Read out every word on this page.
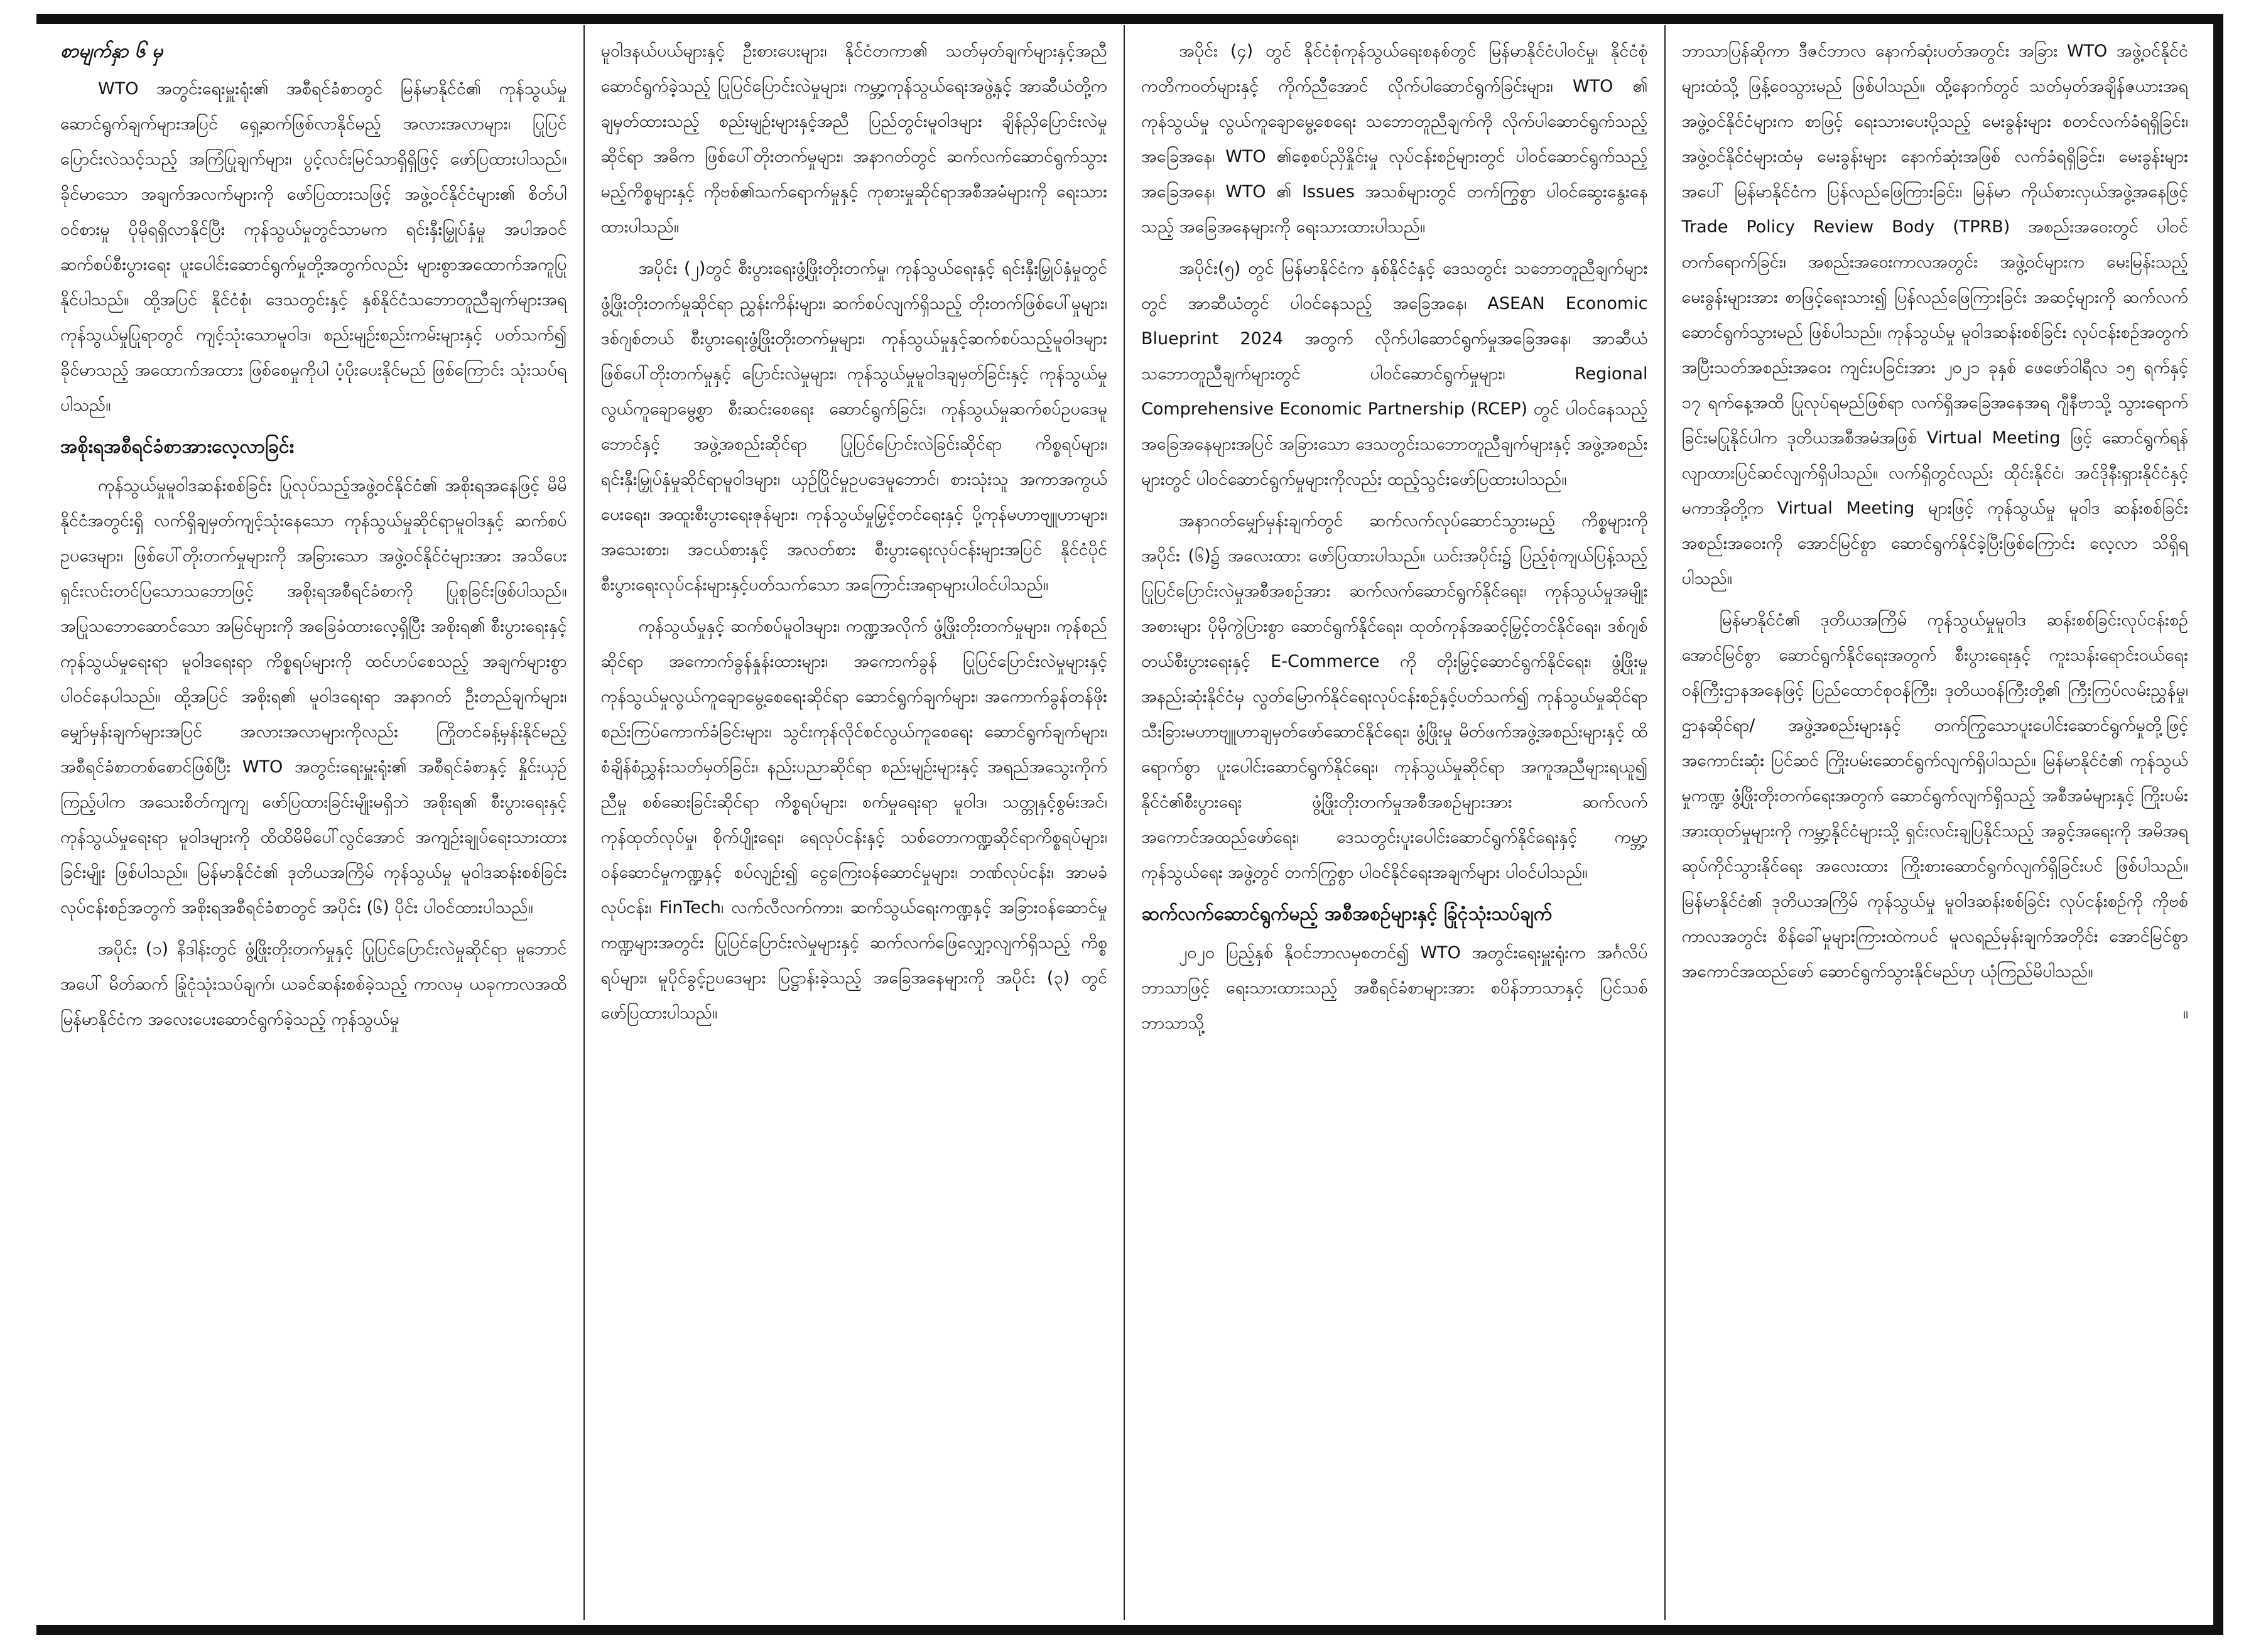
စာမျက်နှာ ၆ မှ

WTO အတွင်းရေးမှူးရုံး၏ အစီရင်ခံစာတွင် မြန်မာနိုင်ငံ၏ ကုန်သွယ်မှုဆောင်ရွက်ချက်များအပြင် ရှေ့ဆက်ဖြစ်လာနိုင်မည့် အလားအလာများ၊ ပြုပြင်ပြောင်းလဲသင့်သည့် အကြံပြုချက်များ၊ ပွင့်လင်းမြင်သာရှိရှိဖြင့် ဖော်ပြထားပါသည်။ ခိုင်မာသော အချက်အလက်များကို ဖော်ပြထားသဖြင့် အဖွဲ့ဝင်နိုင်ငံများ၏ စိတ်ပါဝင်စားမှု ပိုမိုရရှိလာနိုင်ပြီး ကုန်သွယ်မှုတွင်သာမက ရင်းနှီးမြှုပ်နှံမှု အပါအဝင် ဆက်စပ်စီးပွားရေး ပူးပေါင်းဆောင်ရွက်မှုတို့အတွက်လည်း များစွာအထောက်အကူပြုနိုင်ပါသည်။ ထို့အပြင် နိုင်ငံစုံ၊ ဒေသတွင်းနှင့် နှစ်နိုင်ငံသဘောတူညီချက်များအရ ကုန်သွယ်မှုပြုရာတွင် ကျင့်သုံးသောမူဝါဒ၊ စည်းမျဉ်းစည်းကမ်းများနှင့် ပတ်သက်၍ ခိုင်မာသည့် အထောက်အထား ဖြစ်စေမှုကိုပါ ပံ့ပိုးပေးနိုင်မည် ဖြစ်ကြောင်း သုံးသပ်ရပါသည်။

အစိုးရအစီရင်ခံစာအားလေ့လာခြင်း

ကုန်သွယ်မှုမူဝါဒဆန်းစစ်ခြင်း ပြုလုပ်သည့်အဖွဲ့ဝင်နိုင်ငံ၏ အစိုးရအနေဖြင့် မိမိနိုင်ငံအတွင်းရှိ လက်ရှိချမှတ်ကျင့်သုံးနေသော ကုန်သွယ်မှုဆိုင်ရာမူဝါဒနှင့် ဆက်စပ်ဥပဒေများ၊ ဖြစ်ပေါ်တိုးတက်မှုများကို အခြားသော အဖွဲ့ဝင်နိုင်ငံများအား အသိပေးရှင်းလင်းတင်ပြသောသဘောဖြင့် အစိုးရအစီရင်ခံစာကို ပြုစုခြင်းဖြစ်ပါသည်။ အပြုသဘောဆောင်သော အမြင်များကို အခြေခံထားလေ့ရှိပြီး အစိုးရ၏ စီးပွားရေးနှင့် ကုန်သွယ်မှုရေးရာ မူဝါဒရေးရာ ကိစ္စရပ်များကို ထင်ဟပ်စေသည့် အချက်များစွာ ပါဝင်နေပါသည်။ ထို့အပြင် အစိုးရ၏ မူဝါဒရေးရာ အနာဂတ် ဦးတည်ချက်များ၊ မျှော်မှန်းချက်များအပြင် အလားအလာများကိုလည်း ကြိုတင်ခန့်မှန်းနိုင်မည့် အစီရင်ခံစာတစ်စောင်ဖြစ်ပြီး WTO အတွင်းရေးမှူးရုံး၏ အစီရင်ခံစာနှင့် နှိုင်းယှဉ်ကြည့်ပါက အသေးစိတ်ကျကျ ဖော်ပြထားခြင်းမျိုးမရှိဘဲ အစိုးရ၏ စီးပွားရေးနှင့် ကုန်သွယ်မှုရေးရာ မူဝါဒများကို ထိထိမိမိပေါ်လွင်အောင် အကျဉ်းချုပ်ရေးသားထားခြင်းမျိုး ဖြစ်ပါသည်။ မြန်မာနိုင်ငံ၏ ဒုတိယအကြိမ် ကုန်သွယ်မှု မူဝါဒဆန်းစစ်ခြင်း လုပ်ငန်းစဉ်အတွက် အစိုးရအစီရင်ခံစာတွင် အပိုင်း (၆) ပိုင်း ပါဝင်ထားပါသည်။

အပိုင်း (၁) နိဒါန်းတွင် ဖွံ့ဖြိုးတိုးတက်မှုနှင့် ပြုပြင်ပြောင်းလဲမှုဆိုင်ရာ မူဘောင်အပေါ် မိတ်ဆက် ခြုံငုံသုံးသပ်ချက်၊ ယခင်ဆန်းစစ်ခဲ့သည့် ကာလမှ ယခုကာလအထိ မြန်မာနိုင်ငံက အလေးပေးဆောင်ရွက်ခဲ့သည့် ကုန်သွယ်မှု

မူဝါဒနယ်ပယ်များနှင့် ဦးစားပေးများ၊ နိုင်ငံတကာ၏ သတ်မှတ်ချက်များနှင့်အညီ ဆောင်ရွက်ခဲ့သည့် ပြုပြင်ပြောင်းလဲမှုများ၊ ကမ္ဘာ့ကုန်သွယ်ရေးအဖွဲ့နှင့် အာဆီယံတို့က ချမှတ်ထားသည့် စည်းမျဉ်းများနှင့်အညီ ပြည်တွင်းမူဝါဒများ ချိန်ညှိပြောင်းလဲမှုဆိုင်ရာ အဓိက ဖြစ်ပေါ်တိုးတက်မှုများ၊ အနာဂတ်တွင် ဆက်လက်ဆောင်ရွက်သွားမည့်ကိစ္စများနှင့် ကိုဗစ်၏သက်ရောက်မှုနှင့် ကုစားမှုဆိုင်ရာအစီအမံများကို ရေးသားထားပါသည်။

အပိုင်း (၂)တွင် စီးပွားရေးဖွံ့ဖြိုးတိုးတက်မှု၊ ကုန်သွယ်ရေးနှင့် ရင်းနှီးမြှုပ်နှံမှုတွင် ဖွံ့ဖြိုးတိုးတက်မှုဆိုင်ရာ ညွှန်းကိန်းများ၊ ဆက်စပ်လျက်ရှိသည့် တိုးတက်ဖြစ်ပေါ်မှုများ၊ ဒစ်ဂျစ်တယ် စီးပွားရေးဖွံ့ဖြိုးတိုးတက်မှုများ၊ ကုန်သွယ်မှုနှင့်ဆက်စပ်သည့်မူဝါဒများ ဖြစ်ပေါ်တိုးတက်မှုနှင့် ပြောင်းလဲမှုများ၊ ကုန်သွယ်မှုမူဝါဒချမှတ်ခြင်းနှင့် ကုန်သွယ်မှုလွယ်ကူချောမွေ့စွာ စီးဆင်းစေရေး ဆောင်ရွက်ခြင်း၊ ကုန်သွယ်မှုဆက်စပ်ဥပဒေမူဘောင်နှင့် အဖွဲ့အစည်းဆိုင်ရာ ပြုပြင်ပြောင်းလဲခြင်းဆိုင်ရာ ကိစ္စရပ်များ၊ ရင်းနှီးမြှုပ်နှံမှုဆိုင်ရာမူဝါဒများ၊ ယှဉ်ပြိုင်မှုဥပဒေမူဘောင်၊ စားသုံးသူ အကာအကွယ်ပေးရေး၊ အထူးစီးပွားရေးဇုန်များ၊ ကုန်သွယ်မှုမြှင့်တင်ရေးနှင့် ပို့ကုန်မဟာဗျူဟာများ၊ အသေးစား၊ အငယ်စားနှင့် အလတ်စား စီးပွားရေးလုပ်ငန်းများအပြင် နိုင်ငံပိုင် စီးပွားရေးလုပ်ငန်းများနှင့်ပတ်သက်သော အကြောင်းအရာများပါဝင်ပါသည်။

ကုန်သွယ်မှုနှင့် ဆက်စပ်မူဝါဒများ၊ ကဏ္ဍအလိုက် ဖွံ့ဖြိုးတိုးတက်မှုများ၊ ကုန်စည်ဆိုင်ရာ အကောက်ခွန်နှုန်းထားများ၊ အကောက်ခွန် ပြုပြင်ပြောင်းလဲမှုများနှင့် ကုန်သွယ်မှုလွယ်ကူချောမွေ့စေရေးဆိုင်ရာ ဆောင်ရွက်ချက်များ၊ အကောက်ခွန်တန်ဖိုး စည်းကြပ်ကောက်ခံခြင်းများ၊ သွင်းကုန်လိုင်စင်လွယ်ကူစေရေး ဆောင်ရွက်ချက်များ၊ စံချိန်စံညွှန်းသတ်မှတ်ခြင်း၊ နည်းပညာဆိုင်ရာ စည်းမျဉ်းများနှင့် အရည်အသွေးကိုက်ညီမှု စစ်ဆေးခြင်းဆိုင်ရာ ကိစ္စရပ်များ၊ စက်မှုရေးရာ မူဝါဒ၊ သတ္တုနှင့်စွမ်းအင်၊ ကုန်ထုတ်လုပ်မှု၊ စိုက်ပျိုးရေး၊ ရေလုပ်ငန်းနှင့် သစ်တောကဏ္ဍဆိုင်ရာကိစ္စရပ်များ၊ ဝန်ဆောင်မှုကဏ္ဍနှင့် စပ်လျဉ်း၍ ငွေကြေးဝန်ဆောင်မှုများ၊ ဘဏ်လုပ်ငန်း၊ အာမခံလုပ်ငန်း၊ FinTech၊ လက်လီလက်ကား၊ ဆက်သွယ်ရေးကဏ္ဍနှင့် အခြားဝန်ဆောင်မှုကဏ္ဍများအတွင်း ပြုပြင်ပြောင်းလဲမှုများနှင့် ဆက်လက်ဖြေလျှော့လျက်ရှိသည့် ကိစ္စရပ်များ၊ မူပိုင်ခွင့်ဥပဒေများ ပြဋ္ဌာန်းခဲ့သည့် အခြေအနေများကို အပိုင်း (၃) တွင် ဖော်ပြထားပါသည်။

အပိုင်း (၄) တွင် နိုင်ငံစုံကုန်သွယ်ရေးစနစ်တွင် မြန်မာနိုင်ငံပါဝင်မှု၊ နိုင်ငံစုံကတိကဝတ်များနှင့် ကိုက်ညီအောင် လိုက်ပါဆောင်ရွက်ခြင်းများ၊ WTO ၏ ကုန်သွယ်မှု လွယ်ကူချောမွေ့စေရေး သဘောတူညီချက်ကို လိုက်ပါဆောင်ရွက်သည့်အခြေအနေ၊ WTO ၏စေ့စပ်ညှိနှိုင်းမှု လုပ်ငန်းစဉ်များတွင် ပါဝင်ဆောင်ရွက်သည့် အခြေအနေ၊ WTO ၏ Issues အသစ်များတွင် တက်ကြွစွာ ပါဝင်ဆွေးနွေးနေသည့် အခြေအနေများကို ရေးသားထားပါသည်။

အပိုင်း(၅) တွင် မြန်မာနိုင်ငံက နှစ်နိုင်ငံနှင့် ဒေသတွင်း သဘောတူညီချက်များတွင် အာဆီယံတွင် ပါဝင်နေသည့် အခြေအနေ၊ ASEAN Economic Blueprint 2024 အတွက် လိုက်ပါဆောင်ရွက်မှုအခြေအနေ၊ အာဆီယံ သဘောတူညီချက်များတွင် ပါဝင်ဆောင်ရွက်မှုများ၊ Regional Comprehensive Economic Partnership (RCEP) တွင် ပါဝင်နေသည့် အခြေအနေများအပြင် အခြားသော ဒေသတွင်းသဘောတူညီချက်များနှင့် အဖွဲ့အစည်းများတွင် ပါဝင်ဆောင်ရွက်မှုများကိုလည်း ထည့်သွင်းဖော်ပြထားပါသည်။

အနာဂတ်မျှော်မှန်းချက်တွင် ဆက်လက်လုပ်ဆောင်သွားမည့် ကိစ္စများကို အပိုင်း (၆)၌ အလေးထား ဖော်ပြထားပါသည်။ ယင်းအပိုင်း၌ ပြည့်စုံကျယ်ပြန့်သည့်ပြုပြင်ပြောင်းလဲမှုအစီအစဉ်အား ဆက်လက်ဆောင်ရွက်နိုင်ရေး၊ ကုန်သွယ်မှုအမျိုးအစားများ ပိုမိုကွဲပြားစွာ ဆောင်ရွက်နိုင်ရေး၊ ထုတ်ကုန်အဆင့်မြှင့်တင်နိုင်ရေး၊ ဒစ်ဂျစ်တယ်စီးပွားရေးနှင့် E-Commerce ကို တိုးမြှင့်ဆောင်ရွက်နိုင်ရေး၊ ဖွံ့ဖြိုးမှုအနည်းဆုံးနိုင်ငံမှ လွတ်မြောက်နိုင်ရေးလုပ်ငန်းစဉ်နှင့်ပတ်သက်၍ ကုန်သွယ်မှုဆိုင်ရာ သီးခြားမဟာဗျူဟာချမှတ်ဖော်ဆောင်နိုင်ရေး၊ ဖွံ့ဖြိုးမှု မိတ်ဖက်အဖွဲ့အစည်းများနှင့် ထိရောက်စွာ ပူးပေါင်းဆောင်ရွက်နိုင်ရေး၊ ကုန်သွယ်မှုဆိုင်ရာ အကူအညီများရယူ၍ နိုင်ငံ၏စီးပွားရေး ဖွံ့ဖြိုးတိုးတက်မှုအစီအစဉ်များအား ဆက်လက် အကောင်အထည်ဖော်ရေး၊ ဒေသတွင်းပူးပေါင်းဆောင်ရွက်နိုင်ရေးနှင့် ကမ္ဘာ့ကုန်သွယ်ရေး အဖွဲ့တွင် တက်ကြွစွာ ပါဝင်နိုင်ရေးအချက်များ ပါဝင်ပါသည်။

ဆက်လက်ဆောင်ရွက်မည့် အစီအစဉ်များနှင့် ခြုံငုံသုံးသပ်ချက်

၂၀၂၀ ပြည့်နှစ် နိုဝင်ဘာလမှစတင်၍ WTO အတွင်းရေးမှူးရုံးက အင်္ဂလိပ်ဘာသာဖြင့် ရေးသားထားသည့် အစီရင်ခံစာများအား စပိန်ဘာသာနှင့် ပြင်သစ်ဘာသာသို့

ဘာသာပြန်ဆိုကာ ဒီဇင်ဘာလ နောက်ဆုံးပတ်အတွင်း အခြား WTO အဖွဲ့ဝင်နိုင်ငံများထံသို့ ဖြန့်ဝေသွားမည် ဖြစ်ပါသည်။ ထို့နောက်တွင် သတ်မှတ်အချိန်ဇယားအရ အဖွဲ့ဝင်နိုင်ငံများက စာဖြင့် ရေးသားပေးပို့သည့် မေးခွန်းများ စတင်လက်ခံရရှိခြင်း၊ အဖွဲ့ဝင်နိုင်ငံများထံမှ မေးခွန်းများ နောက်ဆုံးအဖြစ် လက်ခံရရှိခြင်း၊ မေးခွန်းများအပေါ် မြန်မာနိုင်ငံက ပြန်လည်ဖြေကြားခြင်း၊ မြန်မာ ကိုယ်စားလှယ်အဖွဲ့အနေဖြင့် Trade Policy Review Body (TPRB) အစည်းအဝေးတွင် ပါဝင်တက်ရောက်ခြင်း၊ အစည်းအဝေးကာလအတွင်း အဖွဲ့ဝင်များက မေးမြန်းသည့် မေးခွန်းများအား စာဖြင့်ရေးသား၍ ပြန်လည်ဖြေကြားခြင်း အဆင့်များကို ဆက်လက်ဆောင်ရွက်သွားမည် ဖြစ်ပါသည်။ ကုန်သွယ်မှု မူဝါဒဆန်းစစ်ခြင်း လုပ်ငန်းစဉ်အတွက် အပြီးသတ်အစည်းအဝေး ကျင်းပခြင်းအား ၂၀၂၁ ခုနှစ် ဖေဖော်ဝါရီလ ၁၅ ရက်နှင့် ၁၇ ရက်နေ့အထိ ပြုလုပ်ရမည်ဖြစ်ရာ လက်ရှိအခြေအနေအရ ဂျီနီဗာသို့ သွားရောက်ခြင်းမပြုနိုင်ပါက ဒုတိယအစီအမံအဖြစ် Virtual Meeting ဖြင့် ဆောင်ရွက်ရန် လျာထားပြင်ဆင်လျက်ရှိပါသည်။ လက်ရှိတွင်လည်း ထိုင်းနိုင်ငံ၊ အင်ဒိုနီးရှားနိုင်ငံနှင့် မကာအိုတို့က Virtual Meeting များဖြင့် ကုန်သွယ်မှု မူဝါဒ ဆန်းစစ်ခြင်း အစည်းအဝေးကို အောင်မြင်စွာ ဆောင်ရွက်နိုင်ခဲ့ပြီးဖြစ်ကြောင်း လေ့လာ သိရှိရပါသည်။

မြန်မာနိုင်ငံ၏ ဒုတိယအကြိမ် ကုန်သွယ်မှုမူဝါဒ ဆန်းစစ်ခြင်းလုပ်ငန်းစဉ် အောင်မြင်စွာ ဆောင်ရွက်နိုင်ရေးအတွက် စီးပွားရေးနှင့် ကူးသန်းရောင်းဝယ်ရေး ဝန်ကြီးဌာနအနေဖြင့် ပြည်ထောင်စုဝန်ကြီး၊ ဒုတိယဝန်ကြီးတို့၏ ကြီးကြပ်လမ်းညွှန်မှု၊ ဌာနဆိုင်ရာ/ အဖွဲ့အစည်းများနှင့် တက်ကြွသောပူးပေါင်းဆောင်ရွက်မှုတို့ဖြင့် အကောင်းဆုံး ပြင်ဆင် ကြိုးပမ်းဆောင်ရွက်လျက်ရှိပါသည်။ မြန်မာနိုင်ငံ၏ ကုန်သွယ်မှုကဏ္ဍ ဖွံ့ဖြိုးတိုးတက်ရေးအတွက် ဆောင်ရွက်လျက်ရှိသည့် အစီအမံများနှင့် ကြိုးပမ်းအားထုတ်မှုများကို ကမ္ဘာ့နိုင်ငံများသို့ ရှင်းလင်းချပြနိုင်သည့် အခွင့်အရေးကို အမိအရဆုပ်ကိုင်သွားနိုင်ရေး အလေးထား ကြိုးစားဆောင်ရွက်လျက်ရှိခြင်းပင် ဖြစ်ပါသည်။ မြန်မာနိုင်ငံ၏ ဒုတိယအကြိမ် ကုန်သွယ်မှု မူဝါဒဆန်းစစ်ခြင်း လုပ်ငန်းစဉ်ကို ကိုဗစ်ကာလအတွင်း စိန်ခေါ်မှုများကြားထဲကပင် မူလရည်မှန်းချက်အတိုင်း အောင်မြင်စွာ အကောင်အထည်ဖော် ဆောင်ရွက်သွားနိုင်မည်ဟု ယုံကြည်မိပါသည်။

။
